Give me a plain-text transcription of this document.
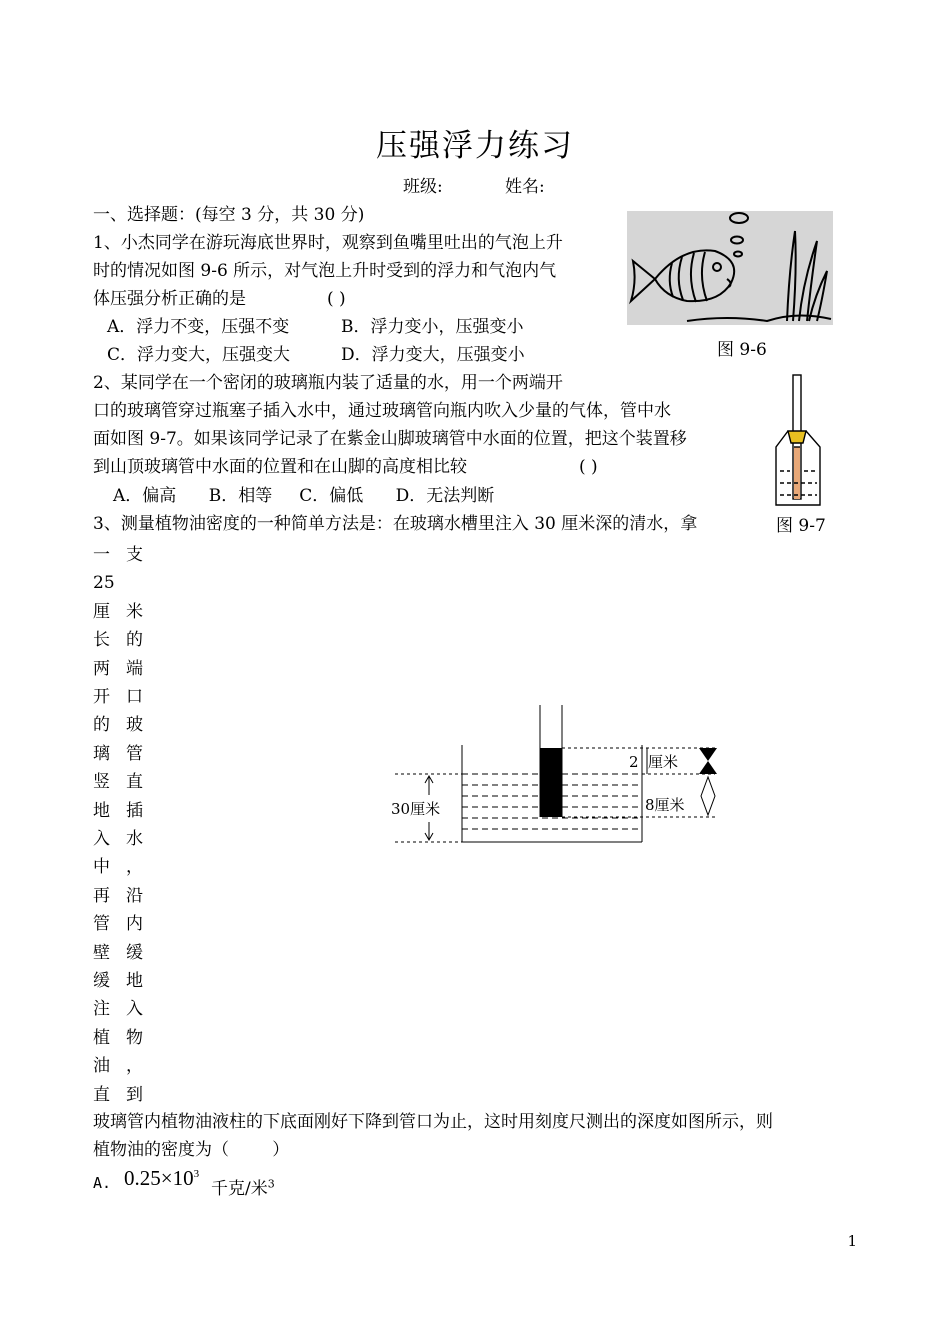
压强浮力练习
班级:	姓名:
一、选择题：(每空 3 分，共 30 分)
1、小杰同学在游玩海底世界时，观察到鱼嘴里吐出的气泡上升
时的情况如图 9-6 所示，对气泡上升时受到的浮力和气泡内气
体压强分析正确的是	( )
A．浮力不变，压强不变	B．浮力变小，压强变小
C．浮力变大，压强变大	D．浮力变大，压强变小	图 9-6
2、某同学在一个密闭的玻璃瓶内装了适量的水，用一个两端开
口的玻璃管穿过瓶塞子插入水中，通过玻璃管向瓶内吹入少量的气体，管中水
面如图 9-7。如果该同学记录了在紫金山脚玻璃管中水面的位置，把这个装置移
到山顶玻璃管中水面的位置和在山脚的高度相比较	( )
A．偏高      B．相等     C．偏低      D．无法判断
图 9-7
3、测量植物油密度的一种简单方法是：在玻璃水槽里注入 30 厘米深的清水，拿
一 支
25
厘 米
长 的
两 端
开 口
的 玻
璃 管
竖 直
地 插
入 水
中 ，
再 沿
管 内
壁 缓
缓 地
注 入
植 物
油 ，
直 到
30厘米
2 厘米
8厘米
玻璃管内植物油液柱的下底面刚好下降到管口为止，这时用刻度尺测出的深度如图所示，则
植物油的密度为（        ）
A. $0.25\times 10^3$
千克/米$^3$
1
